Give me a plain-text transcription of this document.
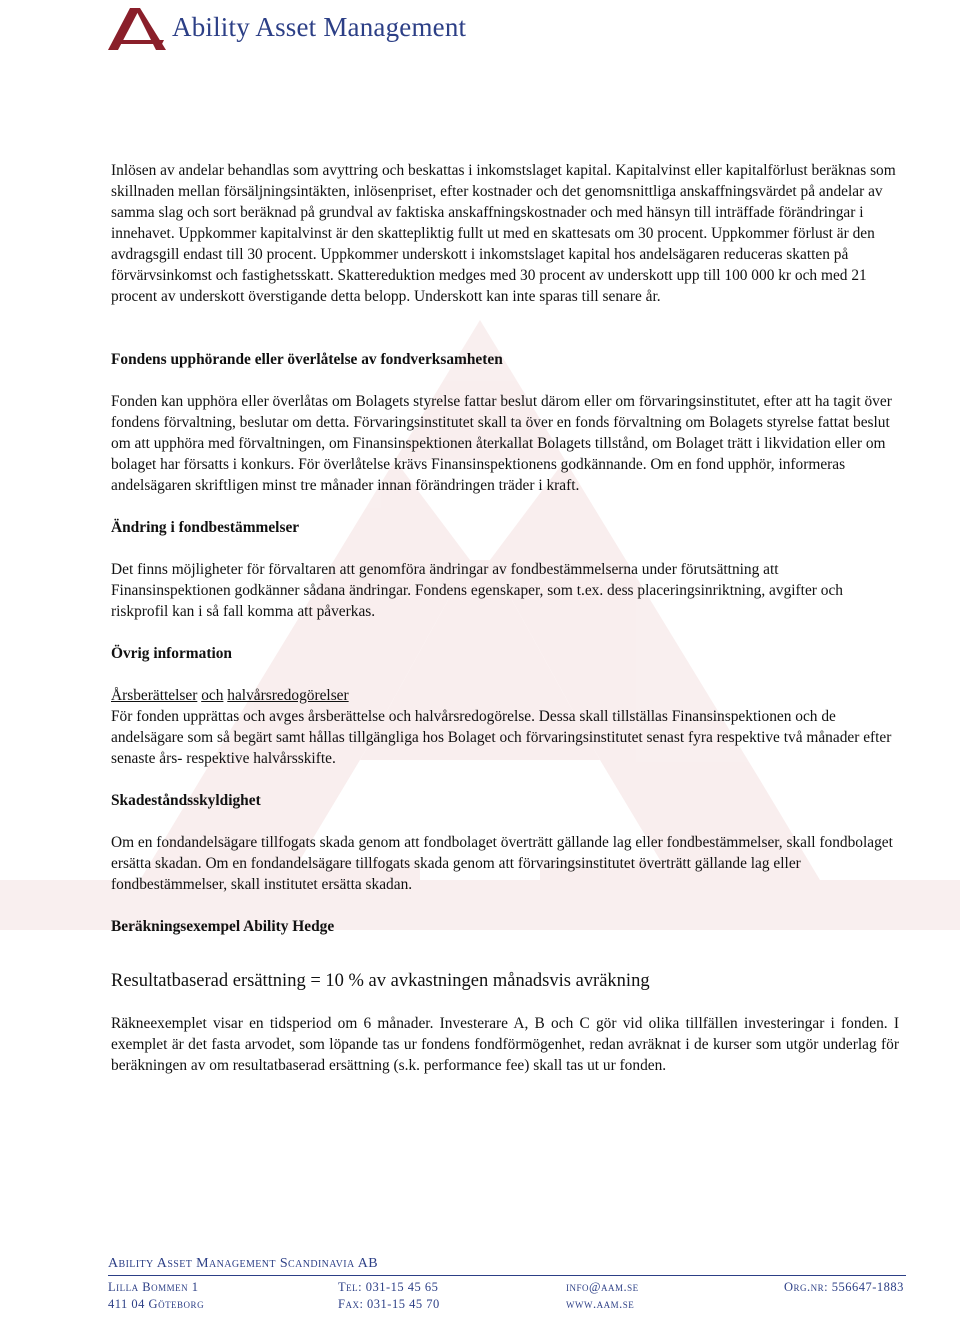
Ability Asset Management

Inlösen av andelar behandlas som avyttring och beskattas i inkomstslaget kapital. Kapitalvinst eller kapitalförlust beräknas som skillnaden mellan försäljningsintäkten, inlösenpriset, efter kostnader och det genomsnittliga anskaffningsvärdet på andelar av samma slag och sort beräknad på grundval av faktiska anskaffningskostnader och med hänsyn till inträffade förändringar i innehavet. Uppkommer kapitalvinst är den skattepliktig fullt ut med en skattesats om 30 procent. Uppkommer förlust är den avdragsgill endast till 30 procent. Uppkommer underskott i inkomstslaget kapital hos andelsägaren reduceras skatten på förvärvsinkomst och fastighetsskatt. Skattereduktion medges med 30 procent av underskott upp till 100 000 kr och med 21 procent av underskott överstigande detta belopp. Underskott kan inte sparas till senare år.

Fondens upphörande eller överlåtelse av fondverksamheten

Fonden kan upphöra eller överlåtas om Bolagets styrelse fattar beslut därom eller om förvaringsinstitutet, efter att ha tagit över fondens förvaltning, beslutar om detta. Förvaringsinstitutet skall ta över en fonds förvaltning om Bolagets styrelse fattat beslut om att upphöra med förvaltningen, om Finansinspektionen återkallat Bolagets tillstånd, om Bolaget trätt i likvidation eller om bolaget har försatts i konkurs. För överlåtelse krävs Finansinspektionens godkännande. Om en fond upphör, informeras andelsägaren skriftligen minst tre månader innan förändringen träder i kraft.

Ändring i fondbestämmelser

Det finns möjligheter för förvaltaren att genomföra ändringar av fondbestämmelserna under förutsättning att Finansinspektionen godkänner sådana ändringar. Fondens egenskaper, som t.ex. dess placeringsinriktning, avgifter och riskprofil kan i så fall komma att påverkas.

Övrig information

Årsberättelser och halvårsredogörelser

För fonden upprättas och avges årsberättelse och halvårsredogörelse. Dessa skall tillställas Finansinspektionen och de andelsägare som så begärt samt hållas tillgängliga hos Bolaget och förvaringsinstitutet senast fyra respektive två månader efter senaste års- respektive halvårsskifte.

Skadeståndsskyldighet

Om en fondandelsägare tillfogats skada genom att fondbolaget överträtt gällande lag eller fondbestämmelser, skall fondbolaget ersätta skadan. Om en fondandelsägare tillfogats skada genom att förvaringsinstitutet överträtt gällande lag eller fondbestämmelser, skall institutet ersätta skadan.

Beräkningsexempel Ability Hedge

Resultatbaserad ersättning = 10 % av avkastningen månadsvis avräkning

Räkneexemplet visar en tidsperiod om 6 månader. Investerare A, B och C gör vid olika tillfällen investeringar i fonden. I exemplet är det fasta arvodet, som löpande tas ur fondens fondförmögenhet, redan avräknat i de kurser som utgör underlag för beräkningen av om resultatbaserad ersättning (s.k. performance fee) skall tas ut ur fonden.

Ability Asset Management Scandinavia AB
Lilla Bommen 1	Tel: 031-15 45 65	info@aam.se	Org.nr: 556647-1883
411 04 Göteborg	Fax: 031-15 45 70	www.aam.se
